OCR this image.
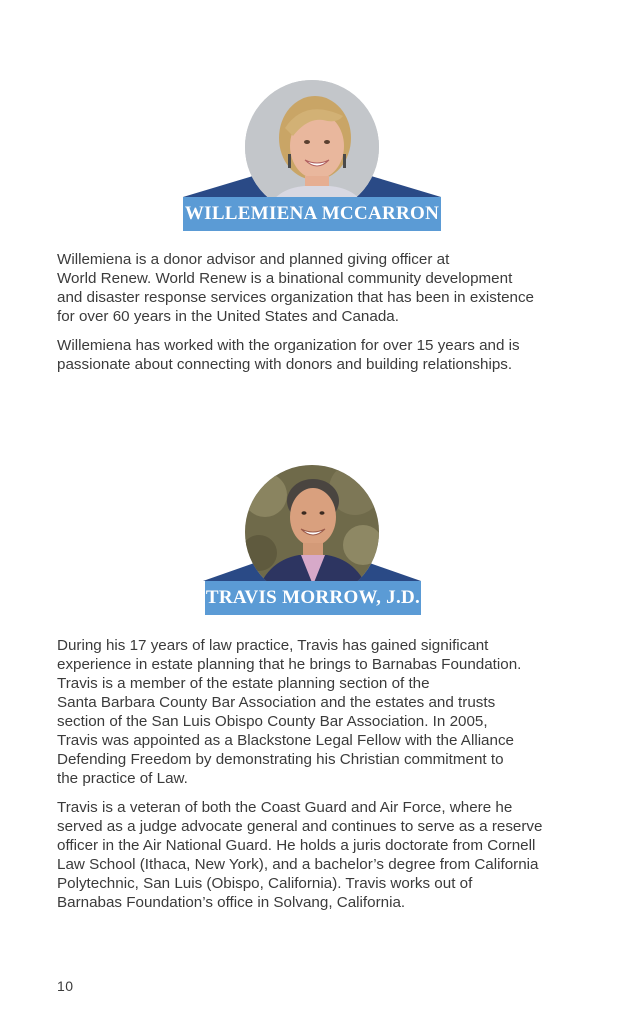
WILLEMIENA MCCARRON

Willemiena is a donor advisor and planned giving officer at
World Renew. World Renew is a binational community development
and disaster response services organization that has been in existence
for over 60 years in the United States and Canada.

Willemiena has worked with the organization for over 15 years and is
passionate about connecting with donors and building relationships.

TRAVIS MORROW, J.D.

During his 17 years of law practice, Travis has gained significant
experience in estate planning that he brings to Barnabas Foundation.
Travis is a member of the estate planning section of the
Santa Barbara County Bar Association and the estates and trusts
section of the San Luis Obispo County Bar Association. In 2005,
Travis was appointed as a Blackstone Legal Fellow with the Alliance
Defending Freedom by demonstrating his Christian commitment to
the practice of Law.

Travis is a veteran of both the Coast Guard and Air Force, where he
served as a judge advocate general and continues to serve as a reserve
officer in the Air National Guard. He holds a juris doctorate from Cornell
Law School (Ithaca, New York), and a bachelor’s degree from California
Polytechnic, San Luis (Obispo, California). Travis works out of
Barnabas Foundation’s office in Solvang, California.

10
